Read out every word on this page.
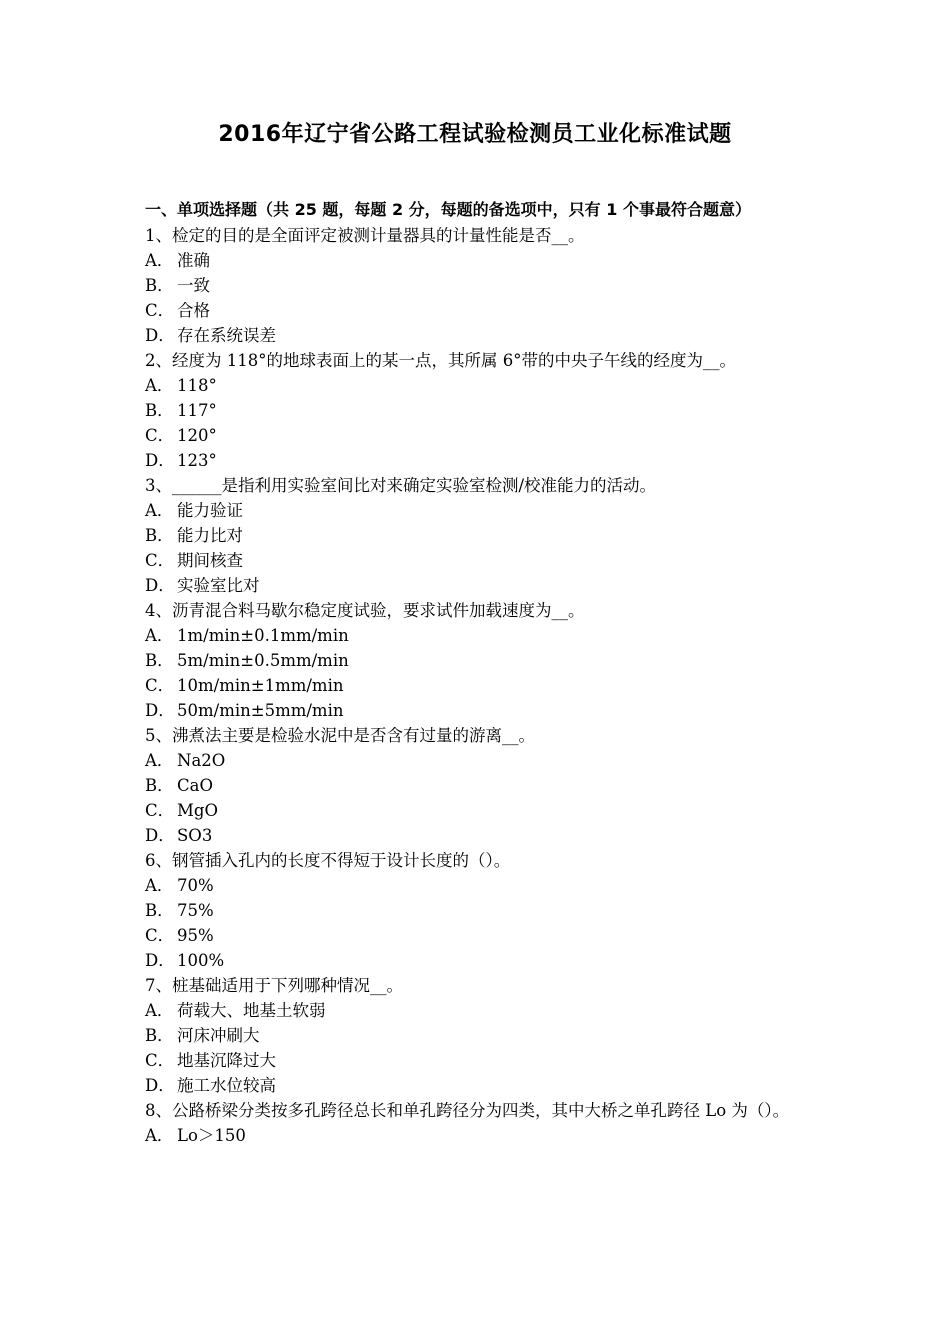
2016年辽宁省公路工程试验检测员工业化标准试题
一、单项选择题（共 25 题，每题 2 分，每题的备选项中，只有 1 个事最符合题意）
1、检定的目的是全面评定被测计量器具的计量性能是否__。
A． 准确
B． 一致
C． 合格
D． 存在系统误差
2、经度为 118°的地球表面上的某一点，其所属 6°带的中央子午线的经度为__。
A． 118°
B． 117°
C． 120°
D． 123°
3、______是指利用实验室间比对来确定实验室检测/校准能力的活动。
A． 能力验证
B． 能力比对
C． 期间核查
D． 实验室比对
4、沥青混合料马歇尔稳定度试验，要求试件加载速度为__。
A． 1m/min±0.1mm/min
B． 5m/min±0.5mm/min
C． 10m/min±1mm/min
D． 50m/min±5mm/min
5、沸煮法主要是检验水泥中是否含有过量的游离__。
A． Na2O
B． CaO
C． MgO
D． SO3
6、钢管插入孔内的长度不得短于设计长度的（）。
A． 70%
B． 75%
C． 95%
D． 100%
7、桩基础适用于下列哪种情况__。
A． 荷载大、地基土软弱
B． 河床冲刷大
C． 地基沉降过大
D． 施工水位较高
8、公路桥梁分类按多孔跨径总长和单孔跨径分为四类，其中大桥之单孔跨径 Lo 为（）。
A． Lo＞150
